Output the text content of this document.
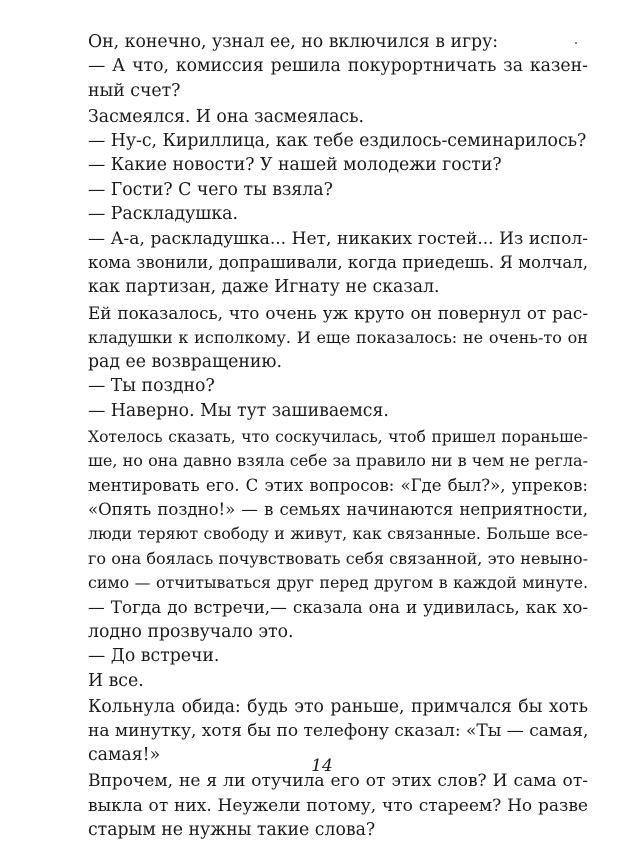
Он, конечно, узнал ее, но включился в игру:
— А что, комиссия решила покурортничать за казен-
ный счет?
Засмеялся. И она засмеялась.
— Ну-с, Кириллица, как тебе ездилось-семинарилось?
— Какие новости? У нашей молодежи гости?
— Гости? С чего ты взяла?
— Раскладушка.
— А-а, раскладушка... Нет, никаких гостей... Из испол-
кома звонили, допрашивали, когда приедешь. Я молчал,
как партизан, даже Игнату не сказал.
Ей показалось, что очень уж круто он повернул от рас-
кладушки к исполкому. И еще показалось: не очень-то он
рад ее возвращению.
— Ты поздно?
— Наверно. Мы тут зашиваемся.
Хотелось сказать, что соскучилась, чтоб пришел пораньше-
ше, но она давно взяла себе за правило ни в чем не регла-
ментировать его. С этих вопросов: «Где был?», упреков:
«Опять поздно!» — в семьях начинаются неприятности,
люди теряют свободу и живут, как связанные. Больше все-
го она боялась почувствовать себя связанной, это невыно-
симо — отчитываться друг перед другом в каждой минуте.
— Тогда до встречи,— сказала она и удивилась, как хо-
лодно прозвучало это.
— До встречи.
И все.
Кольнула обида: будь это раньше, примчался бы хоть
на минутку, хотя бы по телефону сказал: «Ты — самая,
самая!»
Впрочем, не я ли отучила его от этих слов? И сама от-
выкла от них. Неужели потому, что стареем? Но разве
старым не нужны такие слова?
14
